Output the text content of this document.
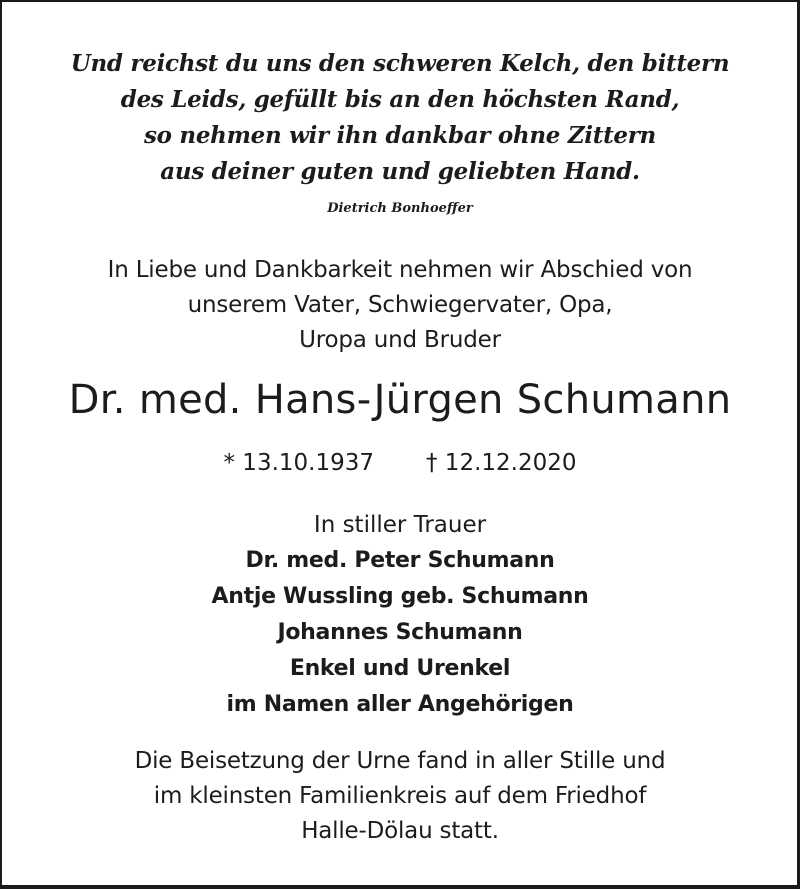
Und reichst du uns den schweren Kelch, den bittern
des Leids, gefüllt bis an den höchsten Rand,
so nehmen wir ihn dankbar ohne Zittern
aus deiner guten und geliebten Hand.
Dietrich Bonhoeffer
In Liebe und Dankbarkeit nehmen wir Abschied von
unserem Vater, Schwiegervater, Opa,
Uropa und Bruder
Dr. med. Hans-Jürgen Schumann
* 13.10.1937 † 12.12.2020
In stiller Trauer
Dr. med. Peter Schumann
Antje Wussling geb. Schumann
Johannes Schumann
Enkel und Urenkel
im Namen aller Angehörigen
Die Beisetzung der Urne fand in aller Stille und
im kleinsten Familienkreis auf dem Friedhof
Halle-Dölau statt.
